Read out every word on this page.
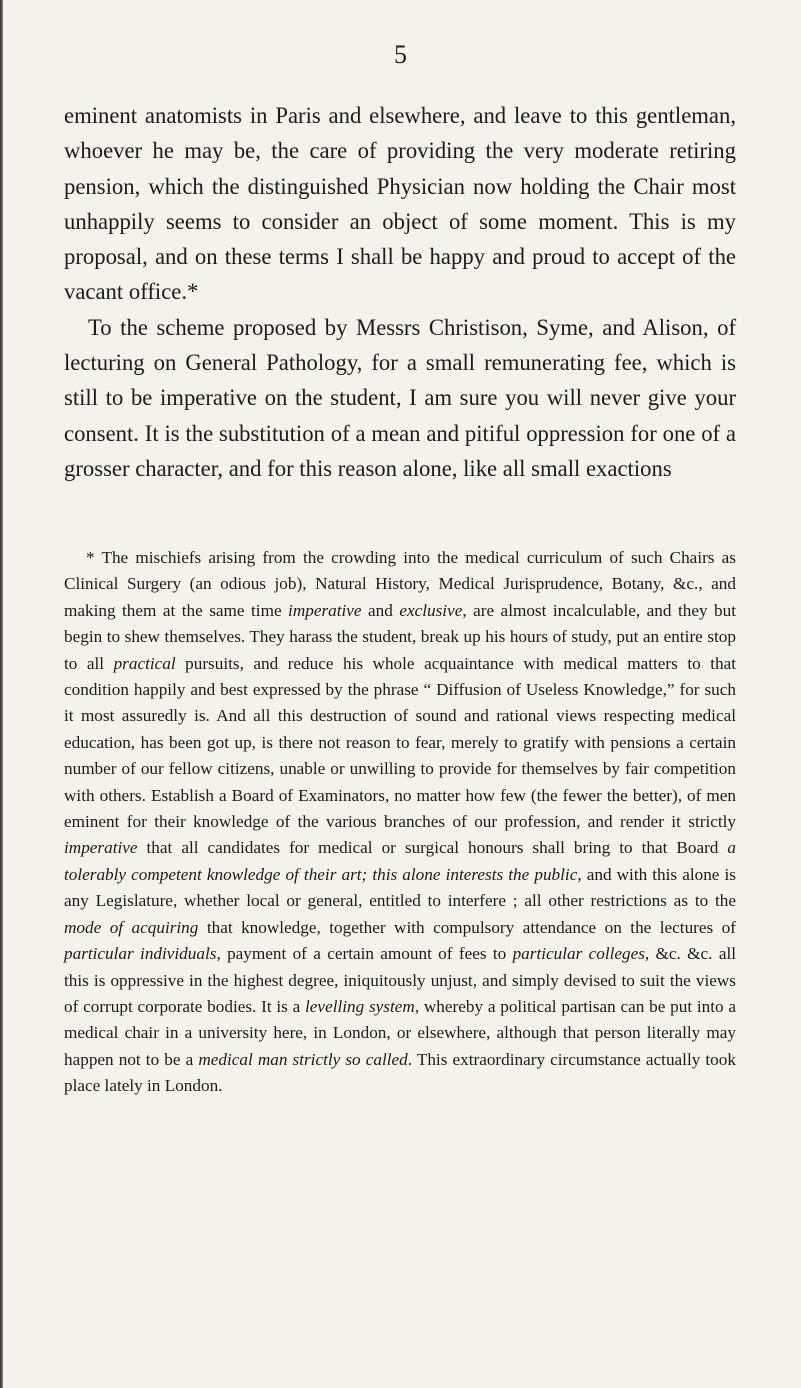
5

eminent anatomists in Paris and elsewhere, and leave to this gentleman, whoever he may be, the care of providing the very moderate retiring pension, which the distinguished Physician now holding the Chair most unhappily seems to consider an object of some moment. This is my proposal, and on these terms I shall be happy and proud to accept of the vacant office.*

To the scheme proposed by Messrs Christison, Syme, and Alison, of lecturing on General Pathology, for a small remunerating fee, which is still to be imperative on the student, I am sure you will never give your consent. It is the substitution of a mean and pitiful oppression for one of a grosser character, and for this reason alone, like all small exactions

* The mischiefs arising from the crowding into the medical curriculum of such Chairs as Clinical Surgery (an odious job), Natural History, Medical Jurisprudence, Botany, &c., and making them at the same time imperative and exclusive, are almost incalculable, and they but begin to shew themselves. They harass the student, break up his hours of study, put an entire stop to all practical pursuits, and reduce his whole acquaintance with medical matters to that condition happily and best expressed by the phrase “ Diffusion of Useless Knowledge,” for such it most assuredly is. And all this destruction of sound and rational views respecting medical education, has been got up, is there not reason to fear, merely to gratify with pensions a certain number of our fellow citizens, unable or unwilling to provide for themselves by fair competition with others. Establish a Board of Examinators, no matter how few (the fewer the better), of men eminent for their knowledge of the various branches of our profession, and render it strictly imperative that all candidates for medical or surgical honours shall bring to that Board a tolerably competent knowledge of their art; this alone interests the public, and with this alone is any Legislature, whether local or general, entitled to interfere ; all other restrictions as to the mode of acquiring that knowledge, together with compulsory attendance on the lectures of particular individuals, payment of a certain amount of fees to particular colleges, &c. &c. all this is oppressive in the highest degree, iniquitously unjust, and simply devised to suit the views of corrupt corporate bodies. It is a levelling system, whereby a political partisan can be put into a medical chair in a university here, in London, or elsewhere, although that person literally may happen not to be a medical man strictly so called. This extraordinary circumstance actually took place lately in London.
